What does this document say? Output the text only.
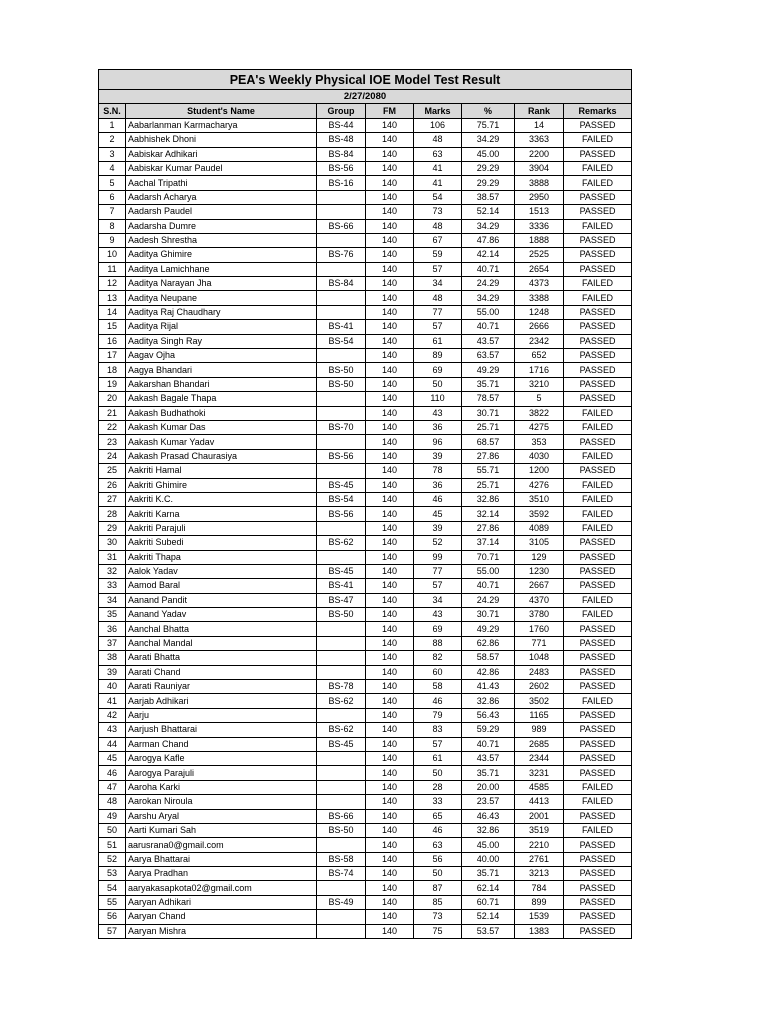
PEA's Weekly Physical IOE Model Test Result							
2/27/2080							
S.N.	Student's Name	Group	FM	Marks	%	Rank	Remarks
1	Aabarlanman Karmacharya	BS-44	140	106	75.71	14	PASSED
2	Aabhishek Dhoni	BS-48	140	48	34.29	3363	FAILED
3	Aabiskar Adhikari	BS-84	140	63	45.00	2200	PASSED
4	Aabiskar Kumar Paudel	BS-56	140	41	29.29	3904	FAILED
5	Aachal Tripathi	BS-16	140	41	29.29	3888	FAILED
6	Aadarsh Acharya		140	54	38.57	2950	PASSED
7	Aadarsh Paudel		140	73	52.14	1513	PASSED
8	Aadarsha Dumre	BS-66	140	48	34.29	3336	FAILED
9	Aadesh Shrestha		140	67	47.86	1888	PASSED
10	Aaditya Ghimire	BS-76	140	59	42.14	2525	PASSED
11	Aaditya Lamichhane		140	57	40.71	2654	PASSED
12	Aaditya Narayan Jha	BS-84	140	34	24.29	4373	FAILED
13	Aaditya Neupane		140	48	34.29	3388	FAILED
14	Aaditya Raj Chaudhary		140	77	55.00	1248	PASSED
15	Aaditya Rijal	BS-41	140	57	40.71	2666	PASSED
16	Aaditya Singh Ray	BS-54	140	61	43.57	2342	PASSED
17	Aagav Ojha		140	89	63.57	652	PASSED
18	Aagya Bhandari	BS-50	140	69	49.29	1716	PASSED
19	Aakarshan Bhandari	BS-50	140	50	35.71	3210	PASSED
20	Aakash Bagale Thapa		140	110	78.57	5	PASSED
21	Aakash Budhathoki		140	43	30.71	3822	FAILED
22	Aakash Kumar Das	BS-70	140	36	25.71	4275	FAILED
23	Aakash Kumar Yadav		140	96	68.57	353	PASSED
24	Aakash Prasad Chaurasiya	BS-56	140	39	27.86	4030	FAILED
25	Aakriti Hamal		140	78	55.71	1200	PASSED
26	Aakriti Ghimire	BS-45	140	36	25.71	4276	FAILED
27	Aakriti K.C.	BS-54	140	46	32.86	3510	FAILED
28	Aakriti Karna	BS-56	140	45	32.14	3592	FAILED
29	Aakriti Parajuli		140	39	27.86	4089	FAILED
30	Aakriti Subedi	BS-62	140	52	37.14	3105	PASSED
31	Aakriti Thapa		140	99	70.71	129	PASSED
32	Aalok Yadav	BS-45	140	77	55.00	1230	PASSED
33	Aamod Baral	BS-41	140	57	40.71	2667	PASSED
34	Aanand Pandit	BS-47	140	34	24.29	4370	FAILED
35	Aanand Yadav	BS-50	140	43	30.71	3780	FAILED
36	Aanchal Bhatta		140	69	49.29	1760	PASSED
37	Aanchal Mandal		140	88	62.86	771	PASSED
38	Aarati Bhatta		140	82	58.57	1048	PASSED
39	Aarati Chand		140	60	42.86	2483	PASSED
40	Aarati Rauniyar	BS-78	140	58	41.43	2602	PASSED
41	Aarjab Adhikari	BS-62	140	46	32.86	3502	FAILED
42	Aarju		140	79	56.43	1165	PASSED
43	Aarjush Bhattarai	BS-62	140	83	59.29	989	PASSED
44	Aarman Chand	BS-45	140	57	40.71	2685	PASSED
45	Aarogya Kafle		140	61	43.57	2344	PASSED
46	Aarogya Parajuli		140	50	35.71	3231	PASSED
47	Aaroha Karki		140	28	20.00	4585	FAILED
48	Aarokan Niroula		140	33	23.57	4413	FAILED
49	Aarshu Aryal	BS-66	140	65	46.43	2001	PASSED
50	Aarti Kumari Sah	BS-50	140	46	32.86	3519	FAILED
51	aarusrana0@gmail.com		140	63	45.00	2210	PASSED
52	Aarya Bhattarai	BS-58	140	56	40.00	2761	PASSED
53	Aarya Pradhan	BS-74	140	50	35.71	3213	PASSED
54	aaryakasapkota02@gmail.com		140	87	62.14	784	PASSED
55	Aaryan Adhikari	BS-49	140	85	60.71	899	PASSED
56	Aaryan Chand		140	73	52.14	1539	PASSED
57	Aaryan Mishra		140	75	53.57	1383	PASSED
